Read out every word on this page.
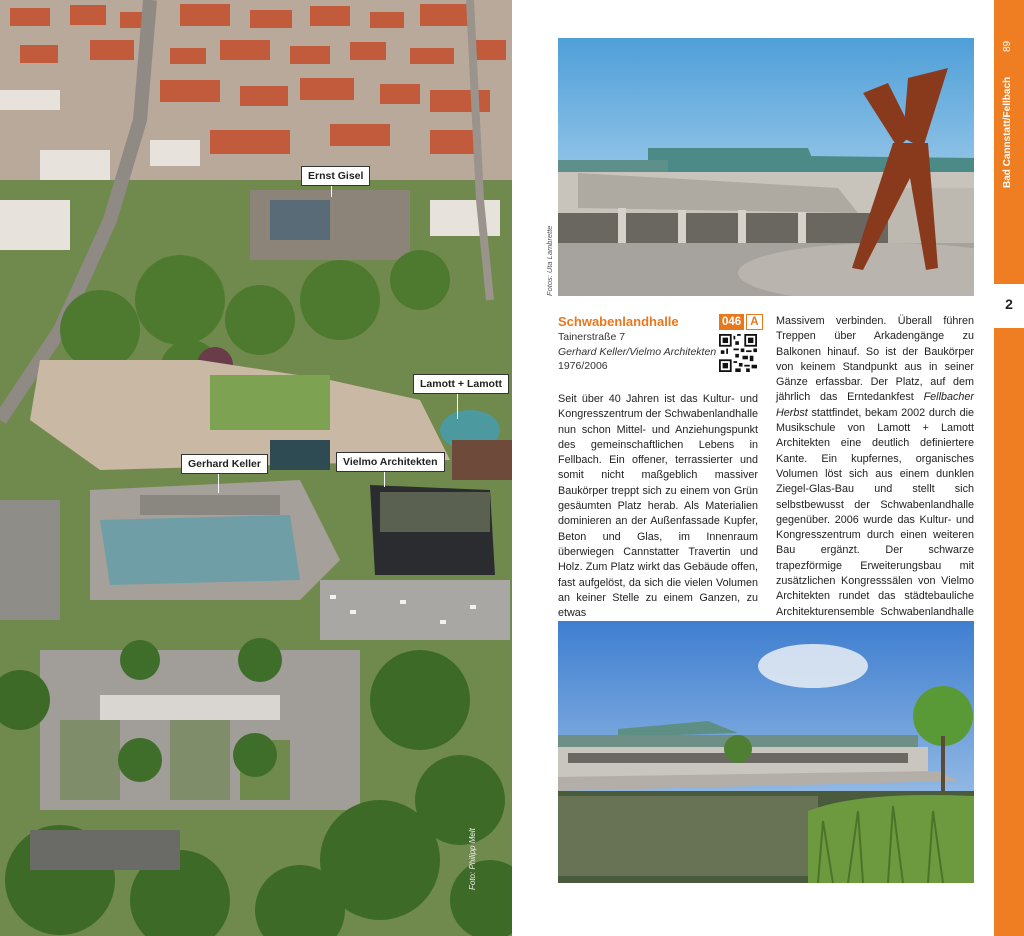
Ernst Gisel
Lamott + Lamott
Gerhard Keller	Vielmo Architekten
Foto: Philipp Melt
Fotos: Uta Lambrette
Schwabenlandhalle
Tainerstraße 7
Gerhard Keller/Vielmo Architekten
1976/2006
046 A

Seit über 40 Jahren ist das Kultur- und Kongresszentrum der Schwabenlandhalle nun schon Mittel- und Anziehungspunkt des gemeinschaftlichen Lebens in Fellbach. Ein offener, terrassierter und somit nicht maßgeblich massiver Baukörper treppt sich zu einem von Grün gesäumten Platz herab. Als Materialien dominieren an der Außenfassade Kupfer, Beton und Glas, im Innenraum überwiegen Cannstatter Travertin und Holz. Zum Platz wirkt das Gebäude offen, fast aufgelöst, da sich die vielen Volumen an keiner Stelle zu einem Ganzen, zu etwas

Massivem verbinden. Überall führen Treppen über Arkadengänge zu Balkonen hinauf. So ist der Baukörper von keinem Standpunkt aus in seiner Gänze erfassbar. Der Platz, auf dem jährlich das Erntedankfest Fellbacher Herbst stattfindet, bekam 2002 durch die Musikschule von Lamott + Lamott Architekten eine deutlich definiertere Kante. Ein kupfernes, organisches Volumen löst sich aus einem dunklen Ziegel-Glas-Bau und stellt sich selbstbewusst der Schwabenlandhalle gegenüber. 2006 wurde das Kultur- und Kongresszentrum durch einen weiteren Bau ergänzt. Der schwarze trapezförmige Erweiterungsbau mit zusätzlichen Kongresssälen von Vielmo Architekten rundet das städtebauliche Architekturensemble Schwabenlandhalle

89
Bad Cannstatt/Fellbach
2
